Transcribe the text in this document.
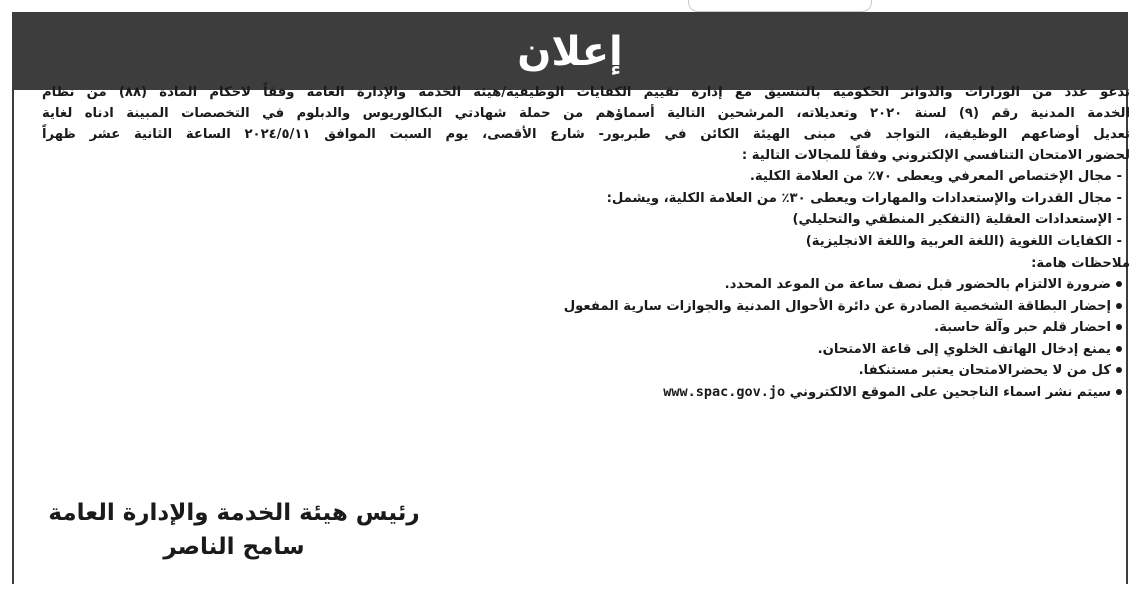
إعلان
تدعو عدد من الوزارات والدوائر الحكومية بالتنسيق مع إدارة تقييم الكفايات الوظيفية/هيئة الخدمة والإدارة العامة وفقاً لاحكام المادة (٨٨) من نظام
الخدمة المدنية رقم (٩) لسنة ٢٠٢٠ وتعديلاته، المرشحين التالية أسماؤهم من حملة شهادتي البكالوريوس والدبلوم في التخصصات المبينة ادناه لغاية
تعديل أوضاعهم الوظيفية، التواجد في مبنى الهيئة الكائن في طبربور- شارع الأقصى، يوم السبت الموافق ٢٠٢٤/٥/١١ الساعة الثانية عشر ظهراً
لحضور الامتحان التنافسي الإلكتروني وفقاً للمجالات التالية :
- مجال الإختصاص المعرفي ويعطى ٧٠٪ من العلامة الكلية.
- مجال القدرات والإستعدادات والمهارات ويعطى ٣٠٪ من العلامة الكلية، ويشمل:
- الإستعدادات العقلية (التفكير المنطقي والتحليلي)
- الكفايات اللغوية (اللغة العربية واللغة الانجليزية)
ملاحظات هامة:
ضرورة الالتزام بالحضور قبل نصف ساعة من الموعد المحدد.
إحضار البطاقة الشخصية الصادرة عن دائرة الأحوال المدنية والجوازات سارية المفعول
احضار قلم حبر وآلة حاسبة.
يمنع إدخال الهاتف الخلوي إلى قاعة الامتحان.
كل من لا يحضرالامتحان يعتبر مستنكفا.
سيتم نشر اسماء الناجحين على الموقع الالكتروني www.spac.gov.jo
رئيس هيئة الخدمة والإدارة العامة
سامح الناصر
